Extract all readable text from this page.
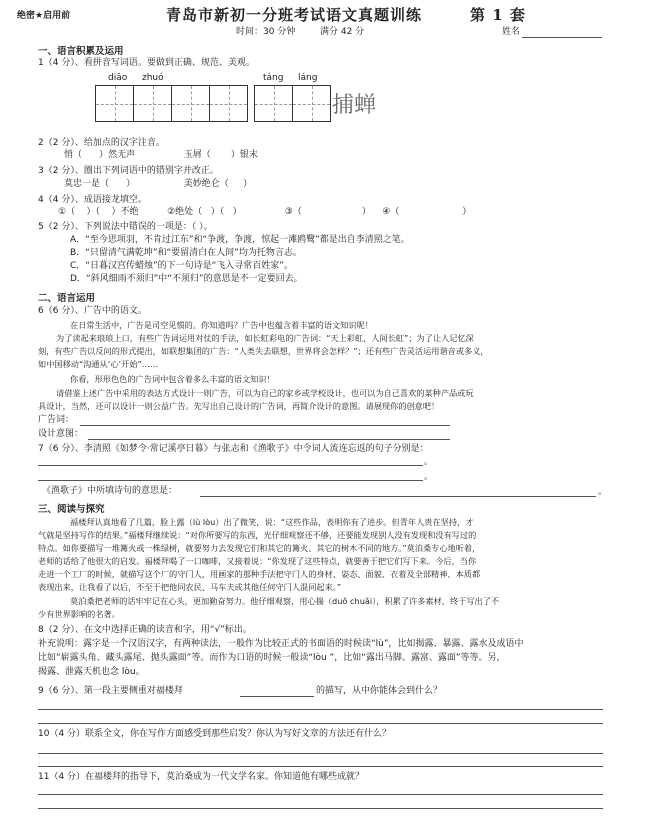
绝密★启用前	青岛市新初一分班考试语文真题训练	第 1 套
时间：30 分钟	满分 42 分	姓名
一、语言积累及运用
1（4 分）、看拼音写词语。要做到正确、规范、美观。
diāo zhuó	táng láng
捕蝉
2（2 分）、给加点的汉字注音。
悄（      ）然无声                 玉屑（       ）银末
3（2 分）、圈出下列词语中的错别字并改正。
莫忠一是（      ）                 美妙绝仑（     ）
4（4 分）、成语接龙填空。
①（    ）（    ）不绝          ②绝处（   ）（   ）               ③（                     ）    ④（                      ）
5（2 分）、下列说法中错误的一项是：（ ）。
A．“至今思项羽，不肯过江东”和“争渡，争渡，惊起一滩鸥鹭”都是出自李清照之笔。
B．“只留清气满乾坤”和“要留清白在人间”均为托物言志。
C．“日暮汉宫传蜡烛”的下一句诗是“飞入寻常百姓家”。
D．“斜风细雨不须归”中“不须归”的意思是不一定要回去。
二、语言运用
6（6 分）、广告中的语文。
在日常生活中，广告是司空见惯的。你知道吗？广告中也蕴含着丰富的语文知识呢！
为了读起来琅琅上口，有些广告词运用对仗的手法，如长虹彩电的广告词：“天上彩虹，人间长虹”；为了让人记忆深
刻，有些广告以反问的形式提出，如联想集团的广告：“人类失去联想，世界将会怎样？”；还有些广告灵活运用谐音或多义，
如中国移动“沟通从‘心’开始”……
你看，形形色色的广告词中包含着多么丰富的语文知识！
请借鉴上述广告中采用的表达方式设计一则广告，可以为自己的家乡或学校设计，也可以为自己喜欢的某种产品或玩
具设计，当然，还可以设计一则公益广告。先写出自己设计的广告词，再简介设计的意图。请展现你的创意吧！
广告词：
设计意图：
7（6 分）、李清照《如梦令·常记溪亭日暮》与张志和《渔歌子》中令词人流连忘返的句子分别是：
。
。
《渔歌子》中所填诗句的意思是：	。
三、阅读与探究
福楼拜认真地看了几篇，脸上露（lù lòu）出了微笑，说：“这些作品，表明你有了进步。但青年人贵在坚持，才
气就是坚持写作的结果。”福楼拜继续说：“对你所要写的东西，光仔细观察还不够，还要能发现别人没有发现和没有写过的
特点。如你要描写一堆篝火或一株绿树，就要努力去发现它们和其它的篝火、其它的树木不同的地方。”莫泊桑专心地听着，
老师的话给了他很大的启发。福楼拜喝了一口咖啡，又接着说：“你发现了这些特点，就要善于把它们写下来。今后，当你
走进一个工厂的时候，就描写这个厂的守门人，用画家的那种手法把守门人的身材、姿态、面貌、衣着及全部精神、本质都
表现出来，让我看了以后，不至于把他同农民、马车夫或其他任何守门人混同起来。”
莫泊桑把老师的话牢牢记在心头，更加勤奋努力。他仔细观察，用心揣（duǒ chuǎi），积累了许多素材，终于写出了不
少有世界影响的名著。
8（2 分）、在文中选择正确的读音和字，用“√”标出。
补充说明：露字是一个汉语汉字，有两种读法，一般作为比较正式的书面语的时候读“lù”，比如揭露、暴露、露水及成语中
比如“崭露头角、藏头露尾、抛头露面”等。而作为口语的时候一般读“lòu ”，比如“露出马脚、露富、露面”等等。另，
揭露、泄露天机也念 lòu。
9（6 分）、第一段主要侧重对福楼拜	的描写，从中你能体会到什么？
10（4 分）联系全文，你在写作方面感受到那些启发？你认为写好文章的方法还有什么？
11（4 分）在福楼拜的指导下，莫泊桑成为一代文学名家。你知道他有哪些成就？
